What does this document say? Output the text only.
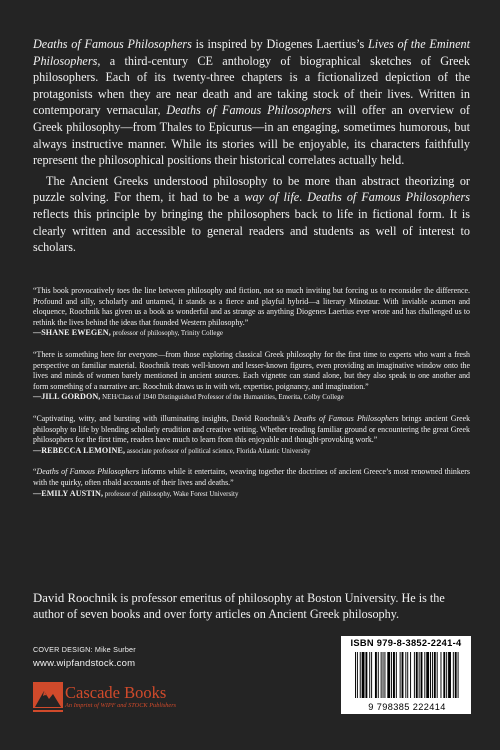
Deaths of Famous Philosophers is inspired by Diogenes Laertius’s Lives of the Eminent Philosophers, a third-century CE anthology of biographical sketches of Greek philosophers. Each of its twenty-three chapters is a fictionalized depiction of the protagonists when they are near death and are taking stock of their lives. Written in contemporary vernacular, Deaths of Famous Philosophers will offer an overview of Greek philosophy—from Thales to Epicurus—in an engaging, sometimes humorous, but always instructive manner. While its stories will be enjoyable, its characters faithfully represent the philosophical positions their historical correlates actually held.

The Ancient Greeks understood philosophy to be more than abstract theorizing or puzzle solving. For them, it had to be a way of life. Deaths of Famous Philosophers reflects this principle by bringing the philosophers back to life in fictional form. It is clearly written and accessible to general readers and students as well of interest to scholars.

“This book provocatively toes the line between philosophy and fiction, not so much inviting but forcing us to reconsider the difference. Profound and silly, scholarly and untamed, it stands as a fierce and playful hybrid—a literary Minotaur. With inviable acumen and eloquence, Roochnik has given us a book as wonderful and as strange as anything Diogenes Laertius ever wrote and has challenged us to rethink the lives behind the ideas that founded Western philosophy.”
—SHANE EWEGEN, professor of philosophy, Trinity College
“There is something here for everyone—from those exploring classical Greek philosophy for the first time to experts who want a fresh perspective on familiar material. Roochnik treats well-known and lesser-known figures, even providing an imaginative window onto the lives and minds of women barely mentioned in ancient sources. Each vignette can stand alone, but they also speak to one another and form something of a narrative arc. Roochnik draws us in with wit, expertise, poignancy, and imagination.”
—JILL GORDON, NEH/Class of 1940 Distinguished Professor of the Humanities, Emerita, Colby College
“Captivating, witty, and bursting with illuminating insights, David Roochnik’s Deaths of Famous Philosophers brings ancient Greek philosophy to life by blending scholarly erudition and creative writing. Whether treading familiar ground or encountering the great Greek philosophers for the first time, readers have much to learn from this enjoyable and thought-provoking work.”
—REBECCA LEMOINE, associate professor of political science, Florida Atlantic University
“Deaths of Famous Philosophers informs while it entertains, weaving together the doctrines of ancient Greece’s most renowned thinkers with the quirky, often ribald accounts of their lives and deaths.”
—EMILY AUSTIN, professor of philosophy, Wake Forest University
David Roochnik is professor emeritus of philosophy at Boston University. He is the author of seven books and over forty articles on Ancient Greek philosophy.
COVER DESIGN: Mike Surber
www.wipfandstock.com
Cascade Books
An Imprint of WIPF and STOCK Publishers
ISBN 979-8-3852-2241-4
9 798385 222414
